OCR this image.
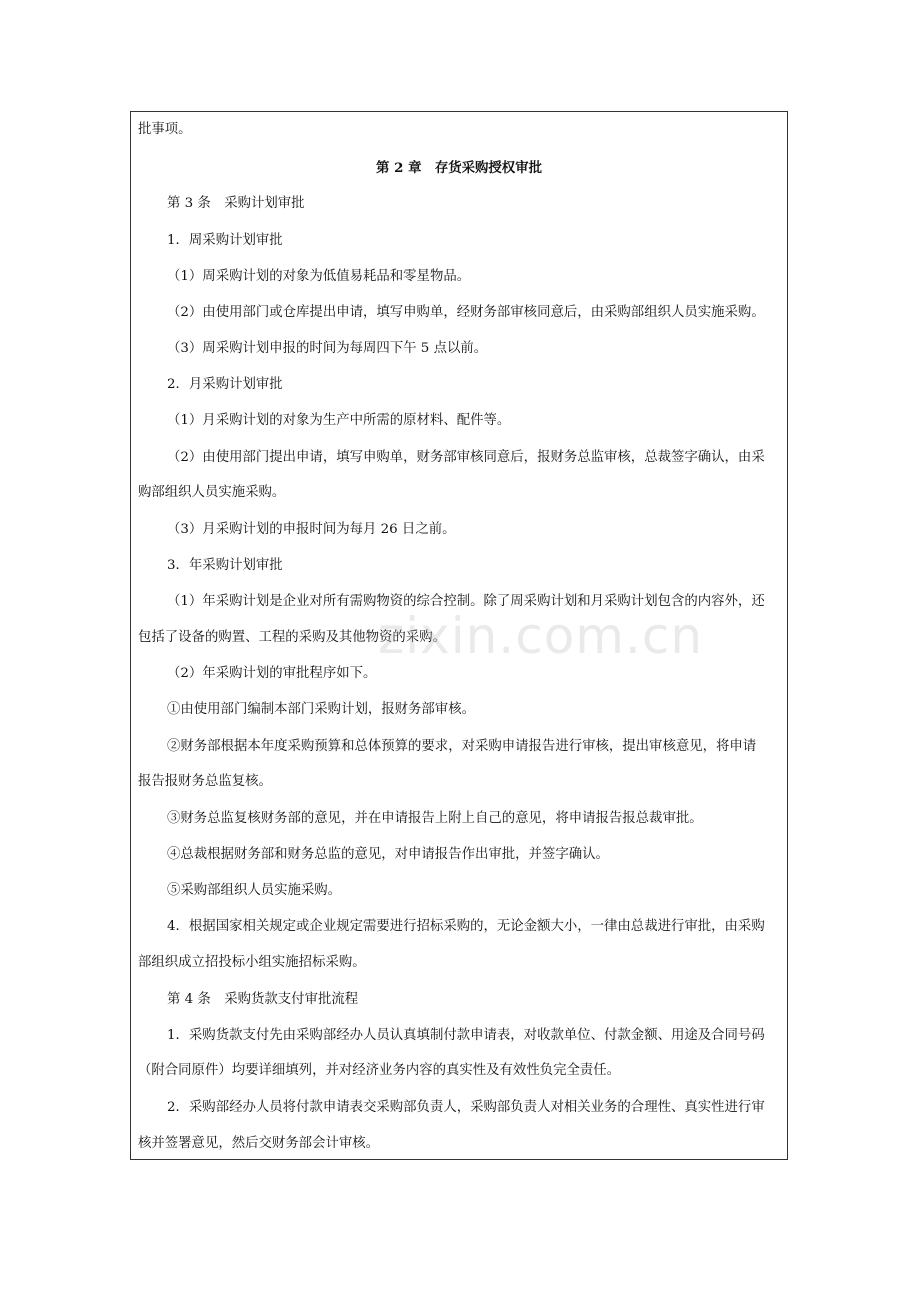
批事项。
第 2 章　存货采购授权审批
第 3 条　采购计划审批
1．周采购计划审批
（1）周采购计划的对象为低值易耗品和零星物品。
（2）由使用部门或仓库提出申请，填写申购单，经财务部审核同意后，由采购部组织人员实施采购。
（3）周采购计划申报的时间为每周四下午 5 点以前。
2．月采购计划审批
（1）月采购计划的对象为生产中所需的原材料、配件等。
（2）由使用部门提出申请，填写申购单，财务部审核同意后，报财务总监审核，总裁签字确认，由采
购部组织人员实施采购。
（3）月采购计划的申报时间为每月 26 日之前。
3．年采购计划审批
（1）年采购计划是企业对所有需购物资的综合控制。除了周采购计划和月采购计划包含的内容外，还
包括了设备的购置、工程的采购及其他物资的采购。
（2）年采购计划的审批程序如下。
①由使用部门编制本部门采购计划，报财务部审核。
②财务部根据本年度采购预算和总体预算的要求，对采购申请报告进行审核，提出审核意见，将申请
报告报财务总监复核。
③财务总监复核财务部的意见，并在申请报告上附上自己的意见，将申请报告报总裁审批。
④总裁根据财务部和财务总监的意见，对申请报告作出审批，并签字确认。
⑤采购部组织人员实施采购。
4．根据国家相关规定或企业规定需要进行招标采购的，无论金额大小，一律由总裁进行审批，由采购
部组织成立招投标小组实施招标采购。
第 4 条　采购货款支付审批流程
1．采购货款支付先由采购部经办人员认真填制付款申请表，对收款单位、付款金额、用途及合同号码
（附合同原件）均要详细填列，并对经济业务内容的真实性及有效性负完全责任。
2．采购部经办人员将付款申请表交采购部负责人，采购部负责人对相关业务的合理性、真实性进行审
核并签署意见，然后交财务部会计审核。
zixin.com.cn
